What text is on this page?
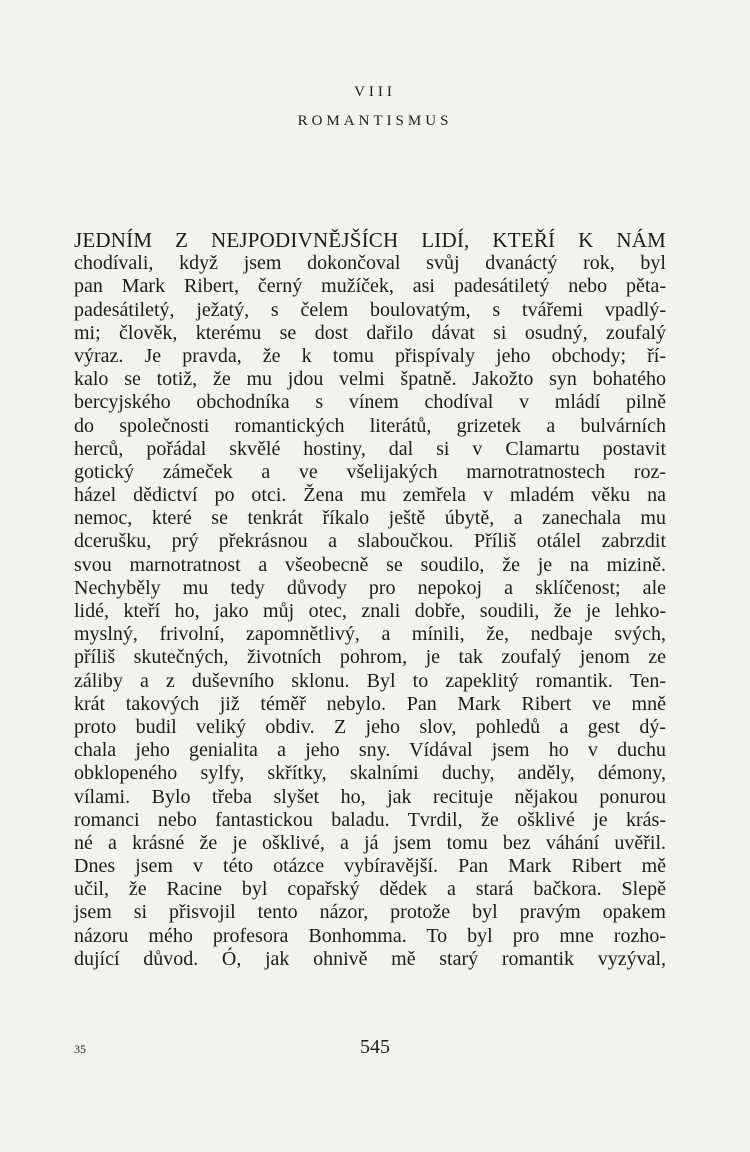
VIII
ROMANTISMUS
JEDNÍM Z NEJPODIVNĚJŠÍCH LIDÍ, KTEŘÍ K NÁM
chodívali, když jsem dokončoval svůj dvanáctý rok, byl
pan Mark Ribert, černý mužíček, asi padesátiletý nebo pěta-
padesátiletý, ježatý, s čelem boulovatým, s tvářemi vpadlý-
mi; člověk, kterému se dost dařilo dávat si osudný, zoufalý
výraz. Je pravda, že k tomu přispívaly jeho obchody; ří-
kalo se totiž, že mu jdou velmi špatně. Jakožto syn bohatého
bercyjského obchodníka s vínem chodíval v mládí pilně
do společnosti romantických literátů, grizetek a bulvárních
herců, pořádal skvělé hostiny, dal si v Clamartu postavit
gotický zámeček a ve všelijakých marnotratnostech roz-
házel dědictví po otci. Žena mu zemřela v mladém věku na
nemoc, které se tenkrát říkalo ještě úbytě, a zanechala mu
dcerušku, prý překrásnou a slaboučkou. Příliš otálel zabrzdit
svou marnotratnost a všeobecně se soudilo, že je na mizině.
Nechyběly mu tedy důvody pro nepokoj a sklíčenost; ale
lidé, kteří ho, jako můj otec, znali dobře, soudili, že je lehko-
myslný, frivolní, zapomnětlivý, a mínili, že, nedbaje svých,
příliš skutečných, životních pohrom, je tak zoufalý jenom ze
záliby a z duševního sklonu. Byl to zapeklitý romantik. Ten-
krát takových již téměř nebylo. Pan Mark Ribert ve mně
proto budil veliký obdiv. Z jeho slov, pohledů a gest dý-
chala jeho genialita a jeho sny. Vídával jsem ho v duchu
obklopeného sylfy, skřítky, skalními duchy, anděly, démony,
vílami. Bylo třeba slyšet ho, jak recituje nějakou ponurou
romanci nebo fantastickou baladu. Tvrdil, že ošklivé je krás-
né a krásné že je ošklivé, a já jsem tomu bez váhání uvěřil.
Dnes jsem v této otázce vybíravější. Pan Mark Ribert mě
učil, že Racine byl copařský dědek a stará bačkora. Slepě
jsem si přisvojil tento názor, protože byl pravým opakem
názoru mého profesora Bonhomma. To byl pro mne rozho-
dující důvod. Ó, jak ohnivě mě starý romantik vyzýval,
35	545
